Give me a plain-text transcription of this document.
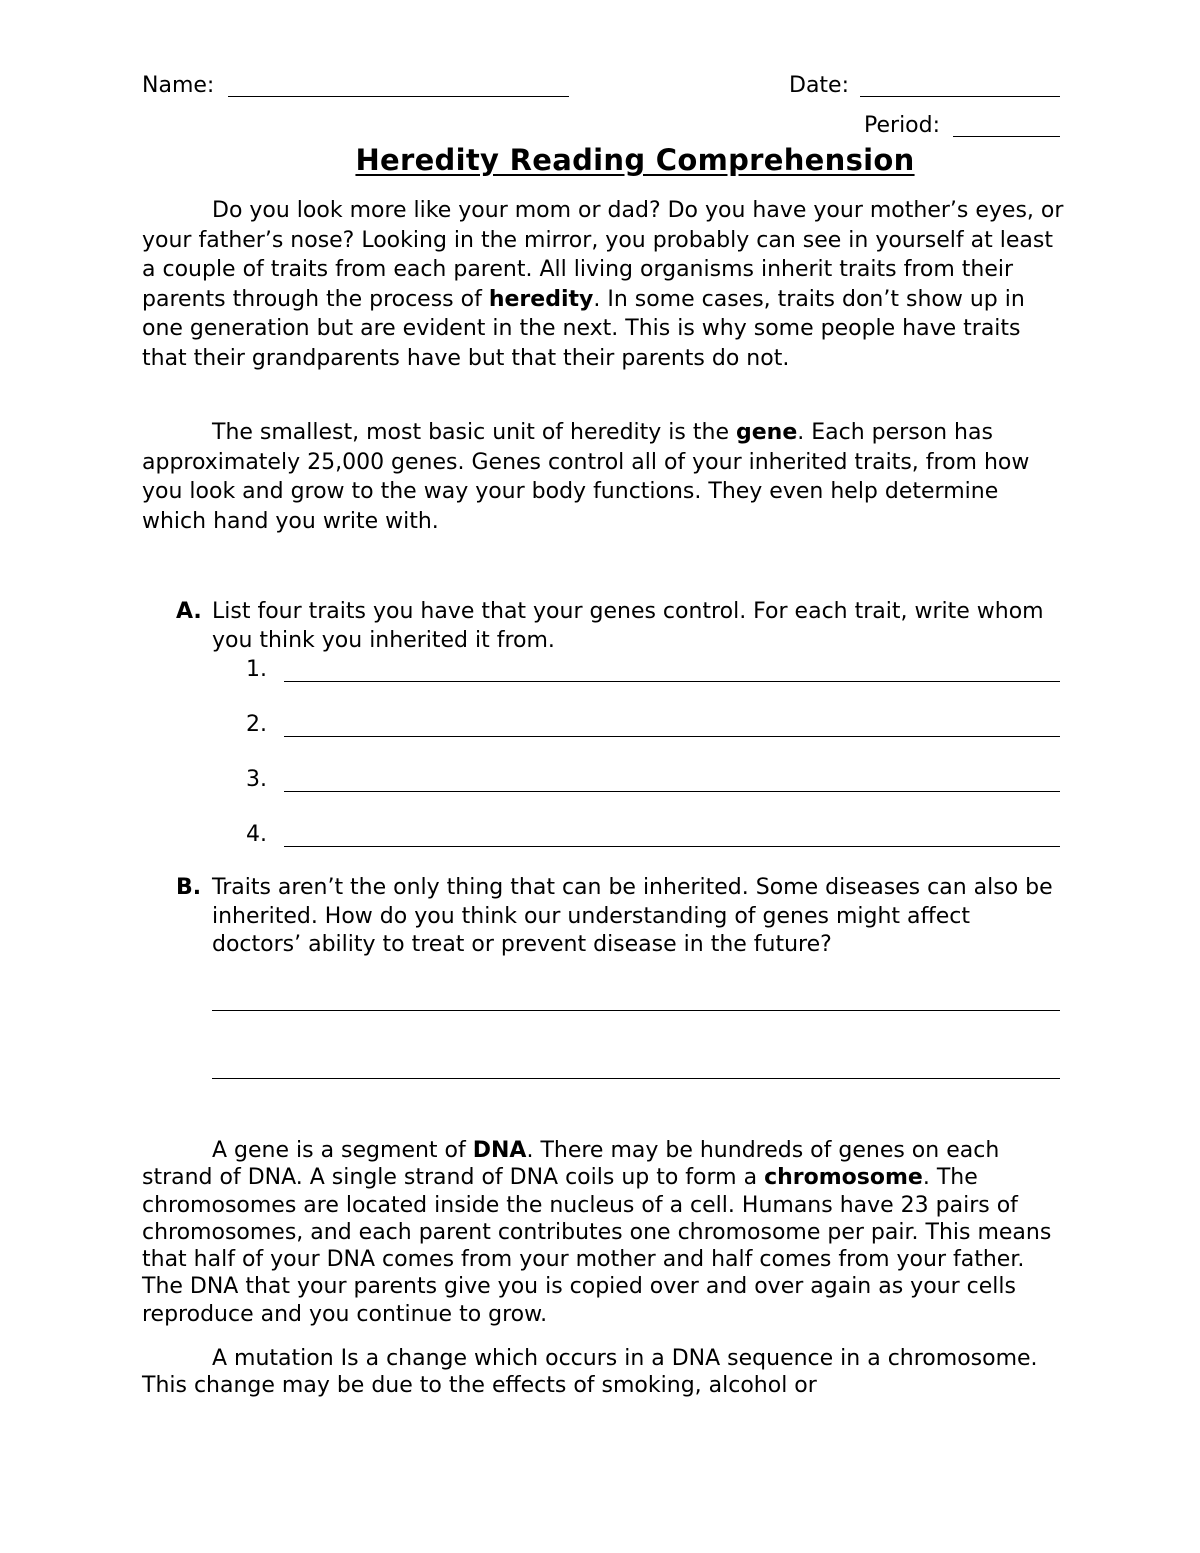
Name:	Date:
Period:
Heredity Reading Comprehension

Do you look more like your mom or dad? Do you have your mother’s eyes, or your father’s nose? Looking in the mirror, you probably can see in yourself at least a couple of traits from each parent. All living organisms inherit traits from their parents through the process of heredity. In some cases, traits don’t show up in one generation but are evident in the next. This is why some people have traits that their grandparents have but that their parents do not.

The smallest, most basic unit of heredity is the gene. Each person has approximately 25,000 genes. Genes control all of your inherited traits, from how you look and grow to the way your body functions. They even help determine which hand you write with.

A. List four traits you have that your genes control. For each trait, write whom you think you inherited it from.
1.
2.
3.
4.
B. Traits aren’t the only thing that can be inherited. Some diseases can also be inherited. How do you think our understanding of genes might affect doctors’ ability to treat or prevent disease in the future?

A gene is a segment of DNA. There may be hundreds of genes on each strand of DNA. A single strand of DNA coils up to form a chromosome. The chromosomes are located inside the nucleus of a cell. Humans have 23 pairs of chromosomes, and each parent contributes one chromosome per pair. This means that half of your DNA comes from your mother and half comes from your father. The DNA that your parents give you is copied over and over again as your cells reproduce and you continue to grow.

A mutation Is a change which occurs in a DNA sequence in a chromosome. This change may be due to the effects of smoking, alcohol or
